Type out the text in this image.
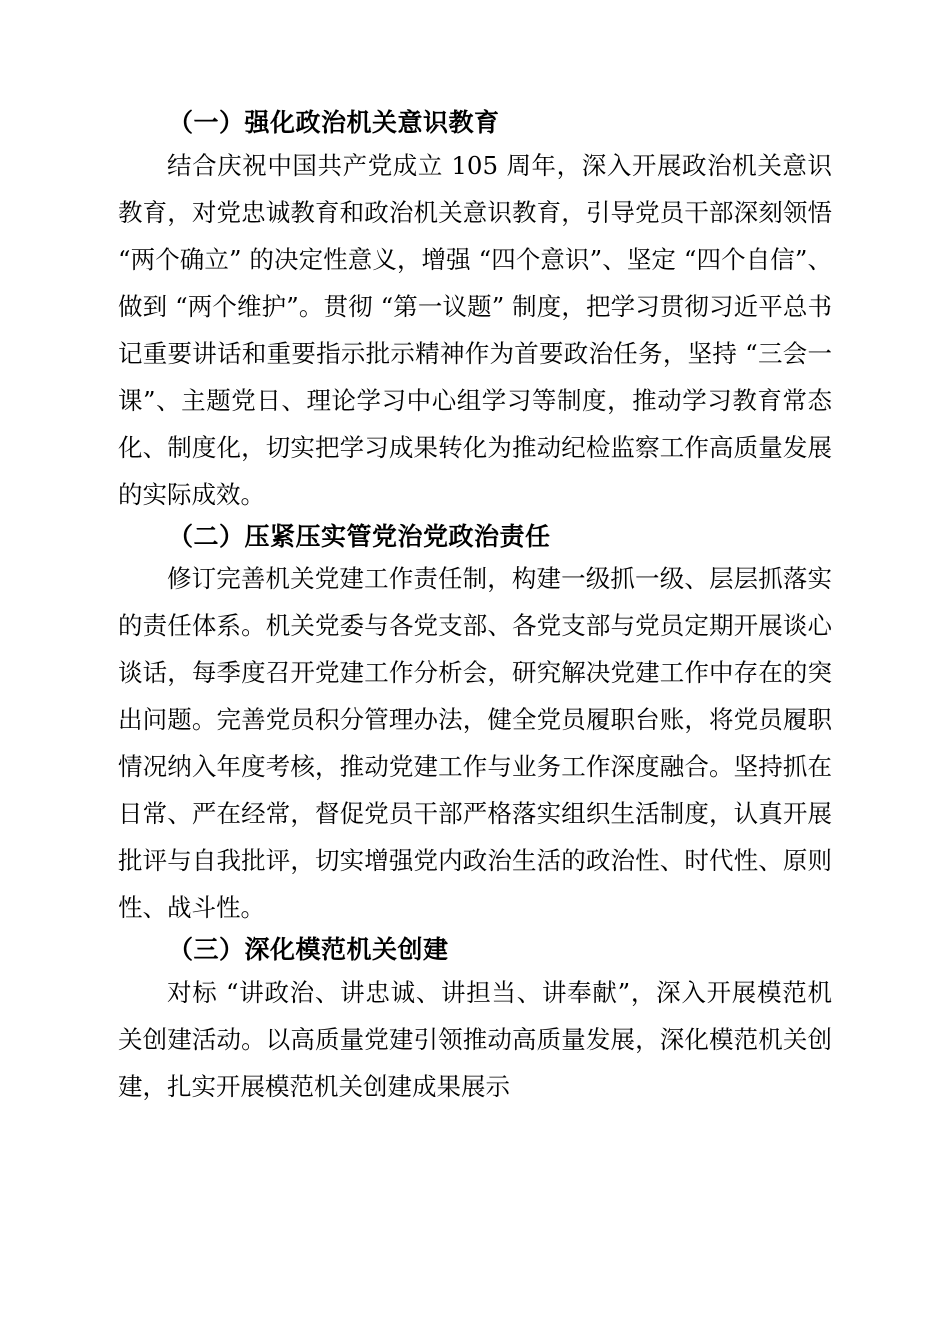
（一）强化政治机关意识教育

结合庆祝中国共产党成立 105 周年，深入开展政治机关意识教育，对党忠诚教育和政治机关意识教育，引导党员干部深刻领悟 “两个确立” 的决定性意义，增强 “四个意识”、坚定 “四个自信”、做到 “两个维护”。贯彻 “第一议题” 制度，把学习贯彻习近平总书记重要讲话和重要指示批示精神作为首要政治任务，坚持 “三会一课”、主题党日、理论学习中心组学习等制度，推动学习教育常态化、制度化，切实把学习成果转化为推动纪检监察工作高质量发展的实际成效。

（二）压紧压实管党治党政治责任

修订完善机关党建工作责任制，构建一级抓一级、层层抓落实的责任体系。机关党委与各党支部、各党支部与党员定期开展谈心谈话，每季度召开党建工作分析会，研究解决党建工作中存在的突出问题。完善党员积分管理办法，健全党员履职台账，将党员履职情况纳入年度考核，推动党建工作与业务工作深度融合。坚持抓在日常、严在经常，督促党员干部严格落实组织生活制度，认真开展批评与自我批评，切实增强党内政治生活的政治性、时代性、原则性、战斗性。

（三）深化模范机关创建

对标 “讲政治、讲忠诚、讲担当、讲奉献”，深入开展模范机关创建活动。以高质量党建引领推动高质量发展，深化模范机关创建，扎实开展模范机关创建成果展示
